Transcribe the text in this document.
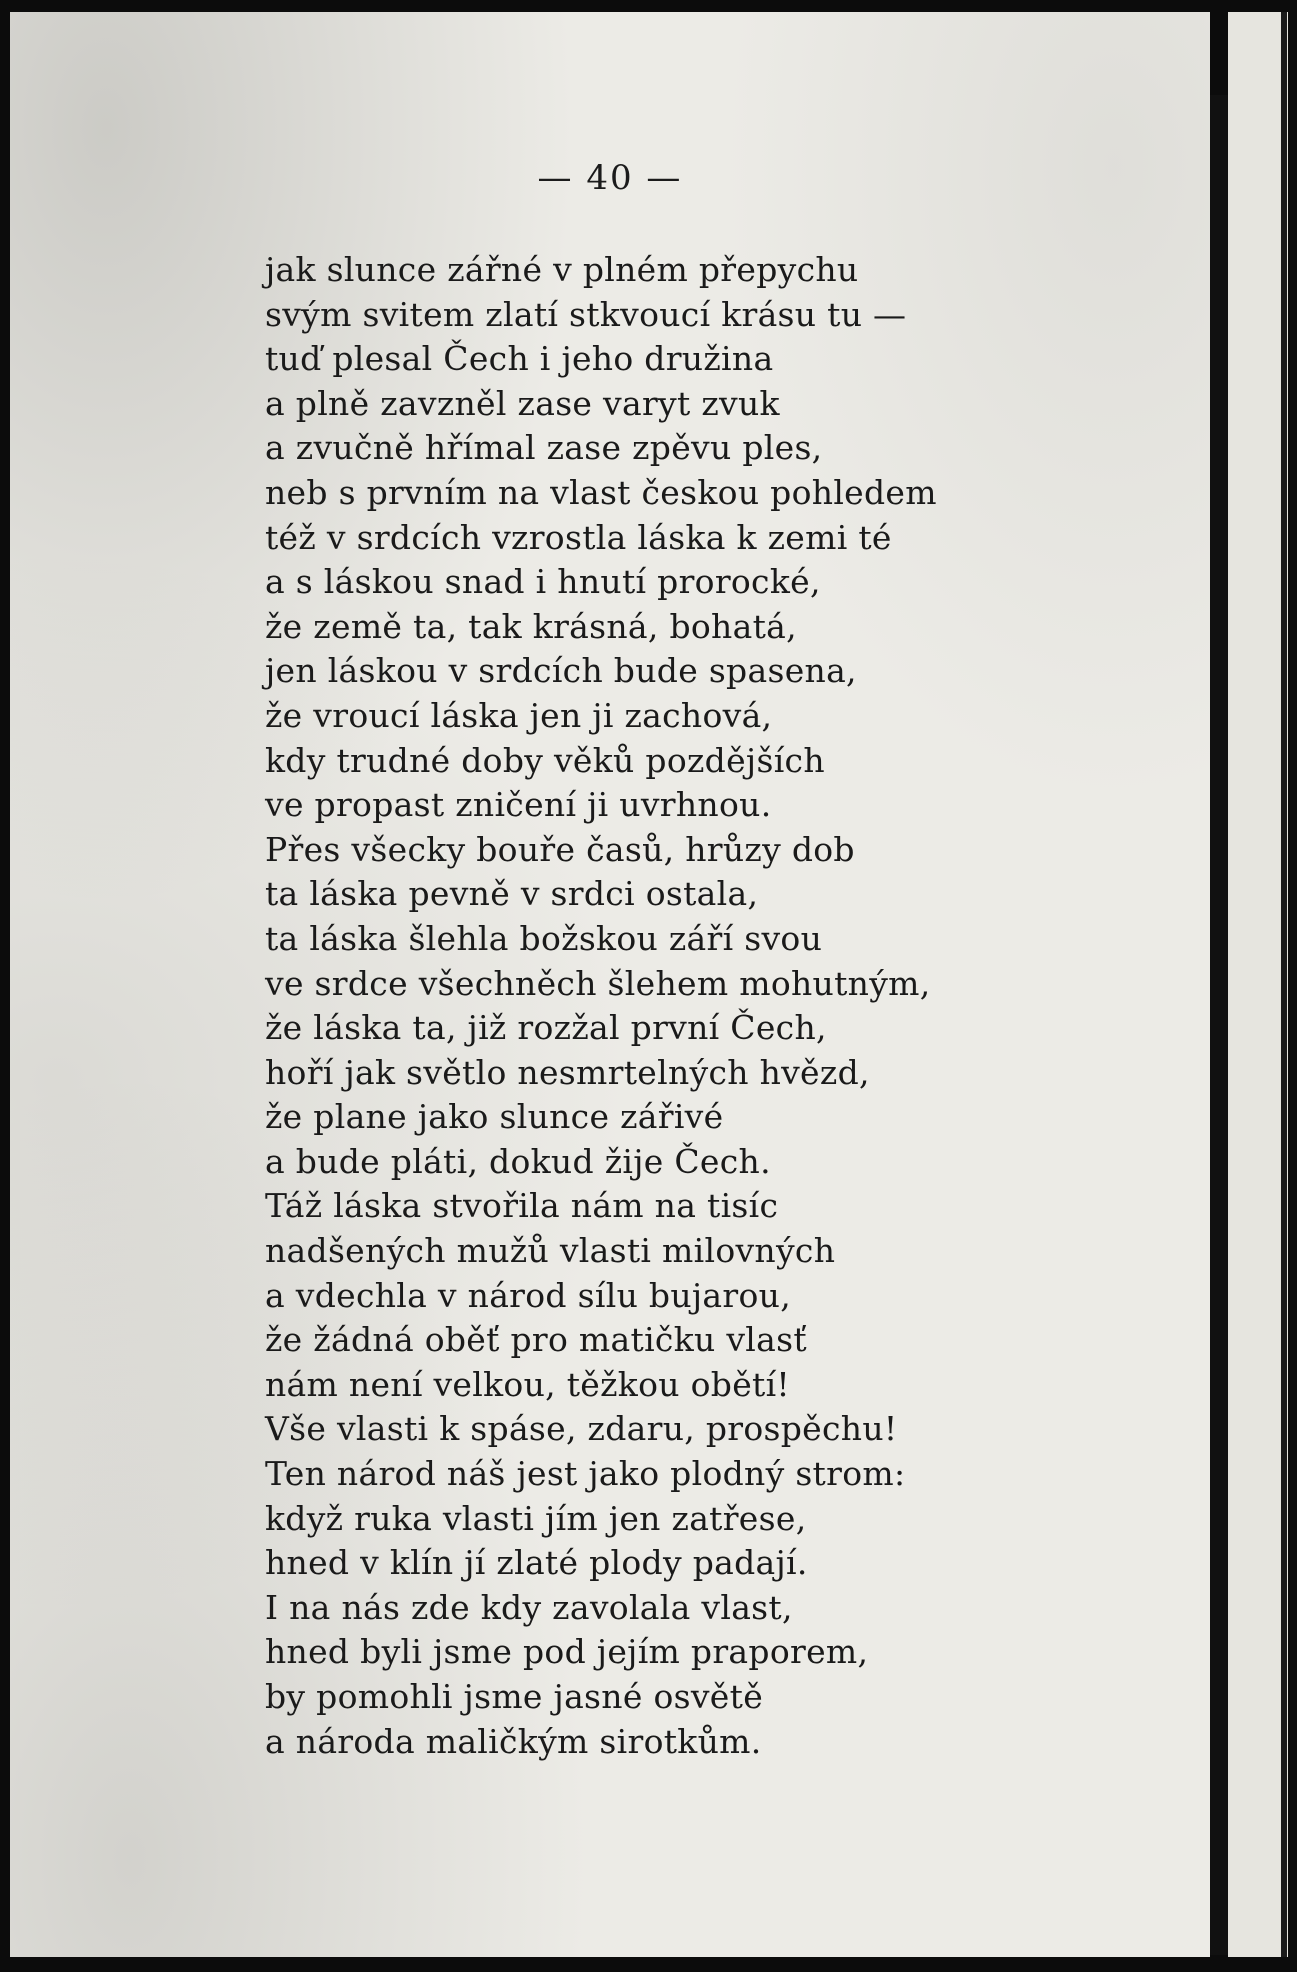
— 40 —
jak slunce zářné v plném přepychu
svým svitem zlatí stkvoucí krásu tu —
tuď plesal Čech i jeho družina
a plně zavzněl zase varyt zvuk
a zvučně hřímal zase zpěvu ples,
neb s prvním na vlast českou pohledem
též v srdcích vzrostla láska k zemi té
a s láskou snad i hnutí prorocké,
že země ta, tak krásná, bohatá,
jen láskou v srdcích bude spasena,
že vroucí láska jen ji zachová,
kdy trudné doby věků pozdějších
ve propast zničení ji uvrhnou.
Přes všecky bouře časů, hrůzy dob
ta láska pevně v srdci ostala,
ta láska šlehla božskou září svou
ve srdce všechněch šlehem mohutným,
že láska ta, již rozžal první Čech,
hoří jak světlo nesmrtelných hvězd,
že plane jako slunce zářivé
a bude pláti, dokud žije Čech.
Táž láska stvořila nám na tisíc
nadšených mužů vlasti milovných
a vdechla v národ sílu bujarou,
že žádná oběť pro matičku vlasť
nám není velkou, těžkou obětí!
Vše vlasti k spáse, zdaru, prospěchu!
Ten národ náš jest jako plodný strom:
když ruka vlasti jím jen zatřese,
hned v klín jí zlaté plody padají.
I na nás zde kdy zavolala vlast,
hned byli jsme pod jejím praporem,
by pomohli jsme jasné osvětě
a národa maličkým sirotkům.
